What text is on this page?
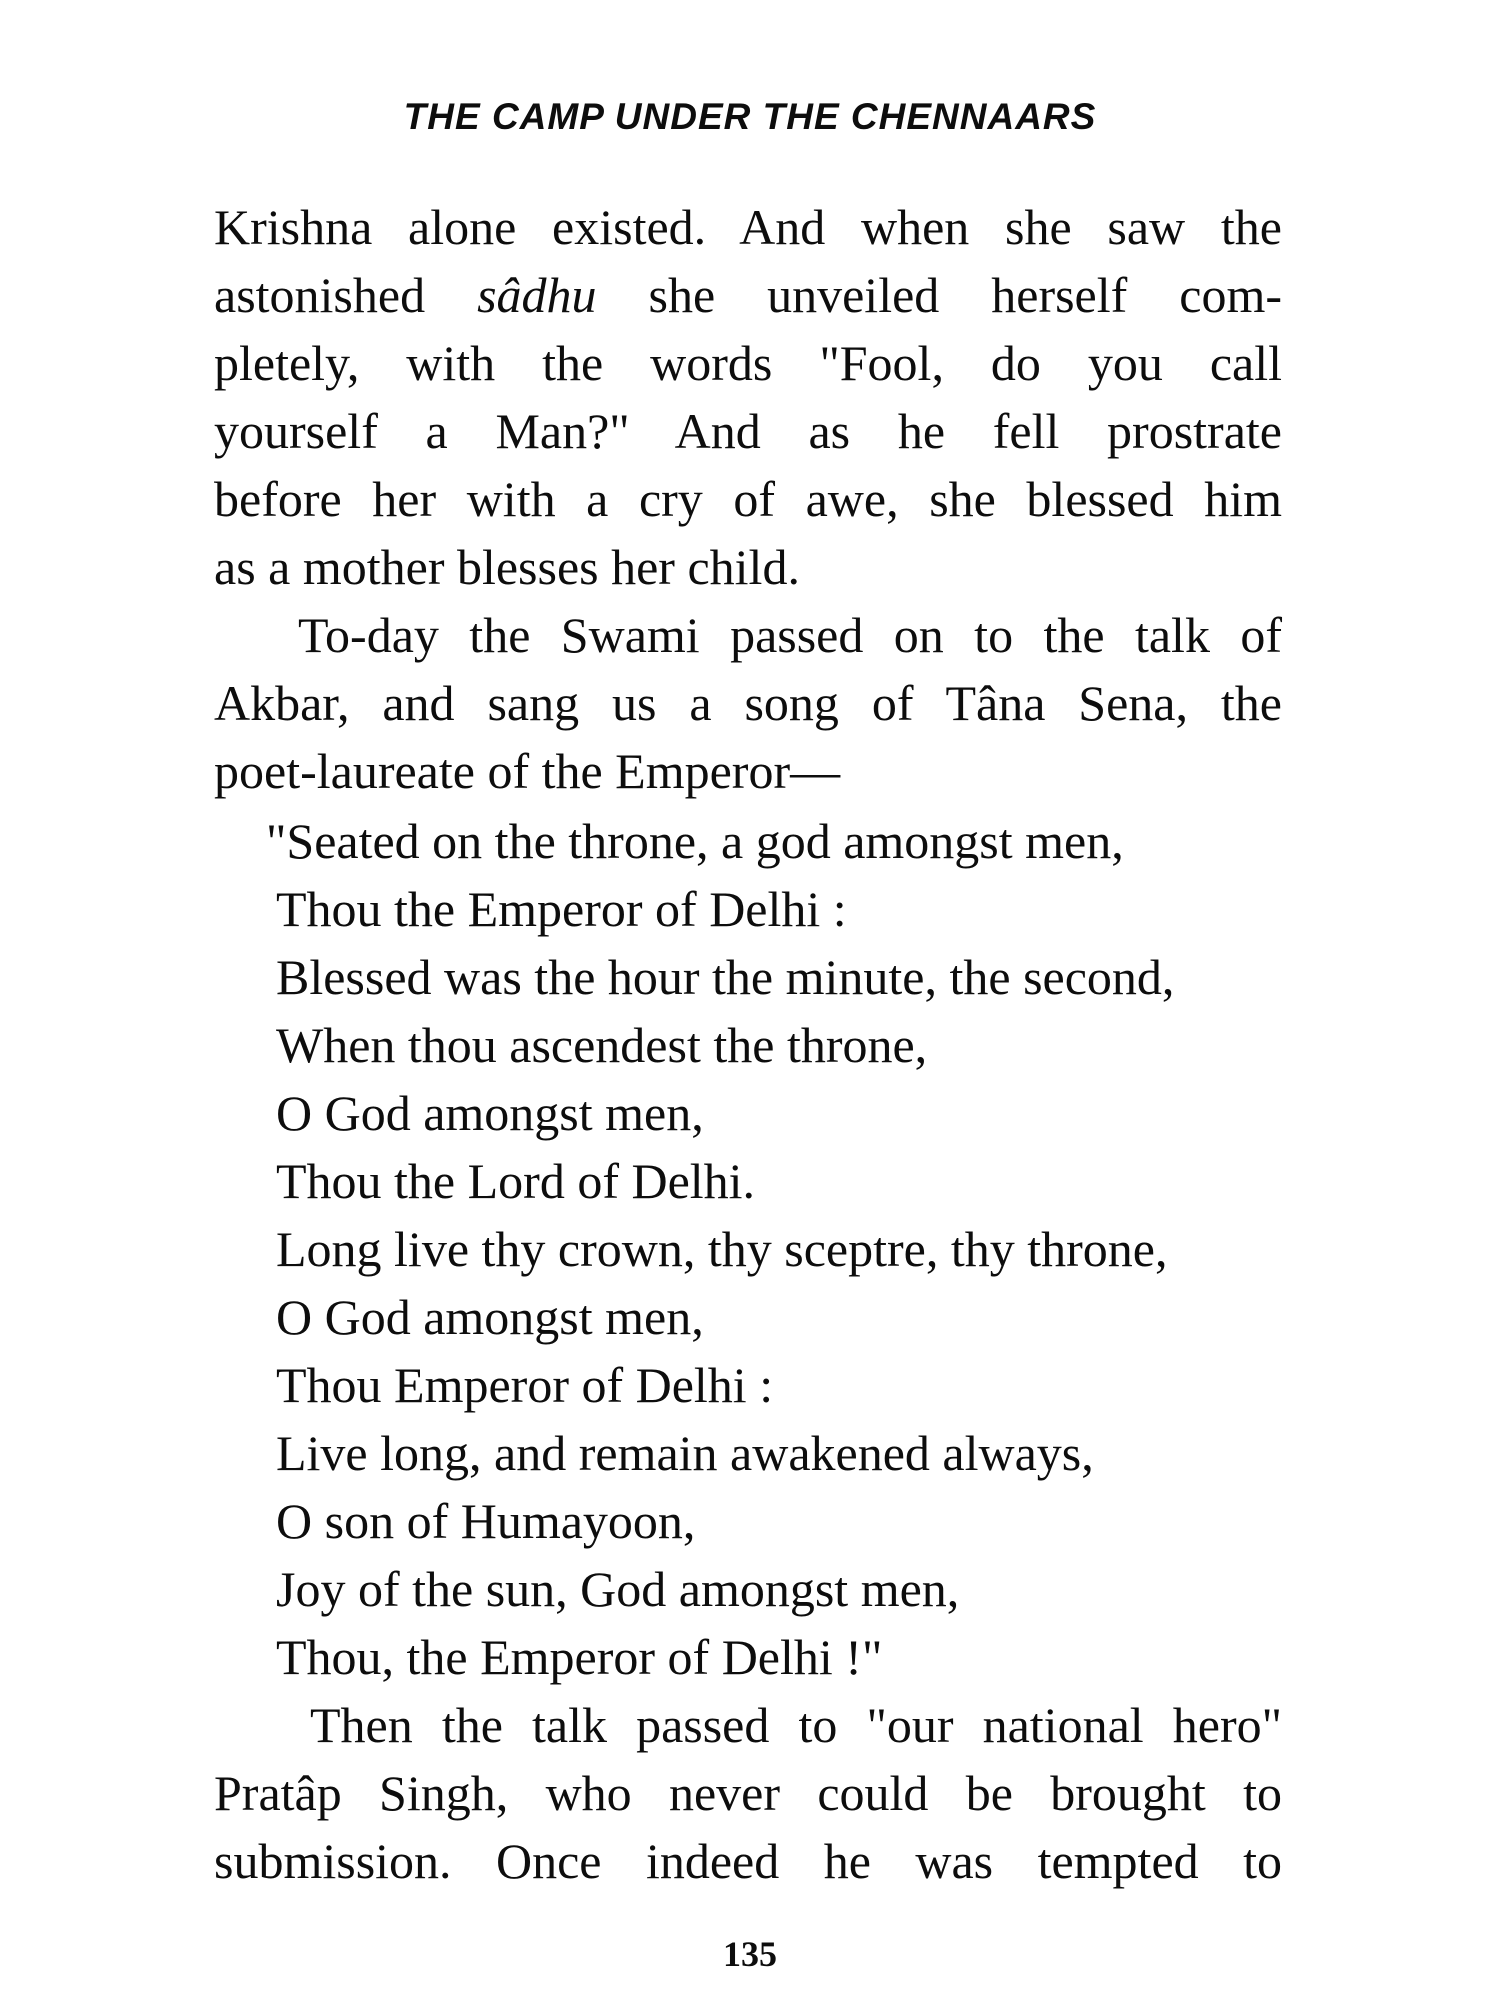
THE CAMP UNDER THE CHENNAARS
Krishna alone existed. And when she saw the
astonished sâdhu she unveiled herself com-
pletely, with the words "Fool, do you call
yourself a Man?" And as he fell prostrate
before her with a cry of awe, she blessed him
as a mother blesses her child.
To-day the Swami passed on to the talk of
Akbar, and sang us a song of Tâna Sena, the
poet-laureate of the Emperor—
"Seated on the throne, a god amongst men,
Thou the Emperor of Delhi :
Blessed was the hour the minute, the second,
When thou ascendest the throne,
O God amongst men,
Thou the Lord of Delhi.
Long live thy crown, thy sceptre, thy throne,
O God amongst men,
Thou Emperor of Delhi :
Live long, and remain awakened always,
O son of Humayoon,
Joy of the sun, God amongst men,
Thou, the Emperor of Delhi !"
Then the talk passed to "our national hero"
Pratâp Singh, who never could be brought to
submission. Once indeed he was tempted to
135
